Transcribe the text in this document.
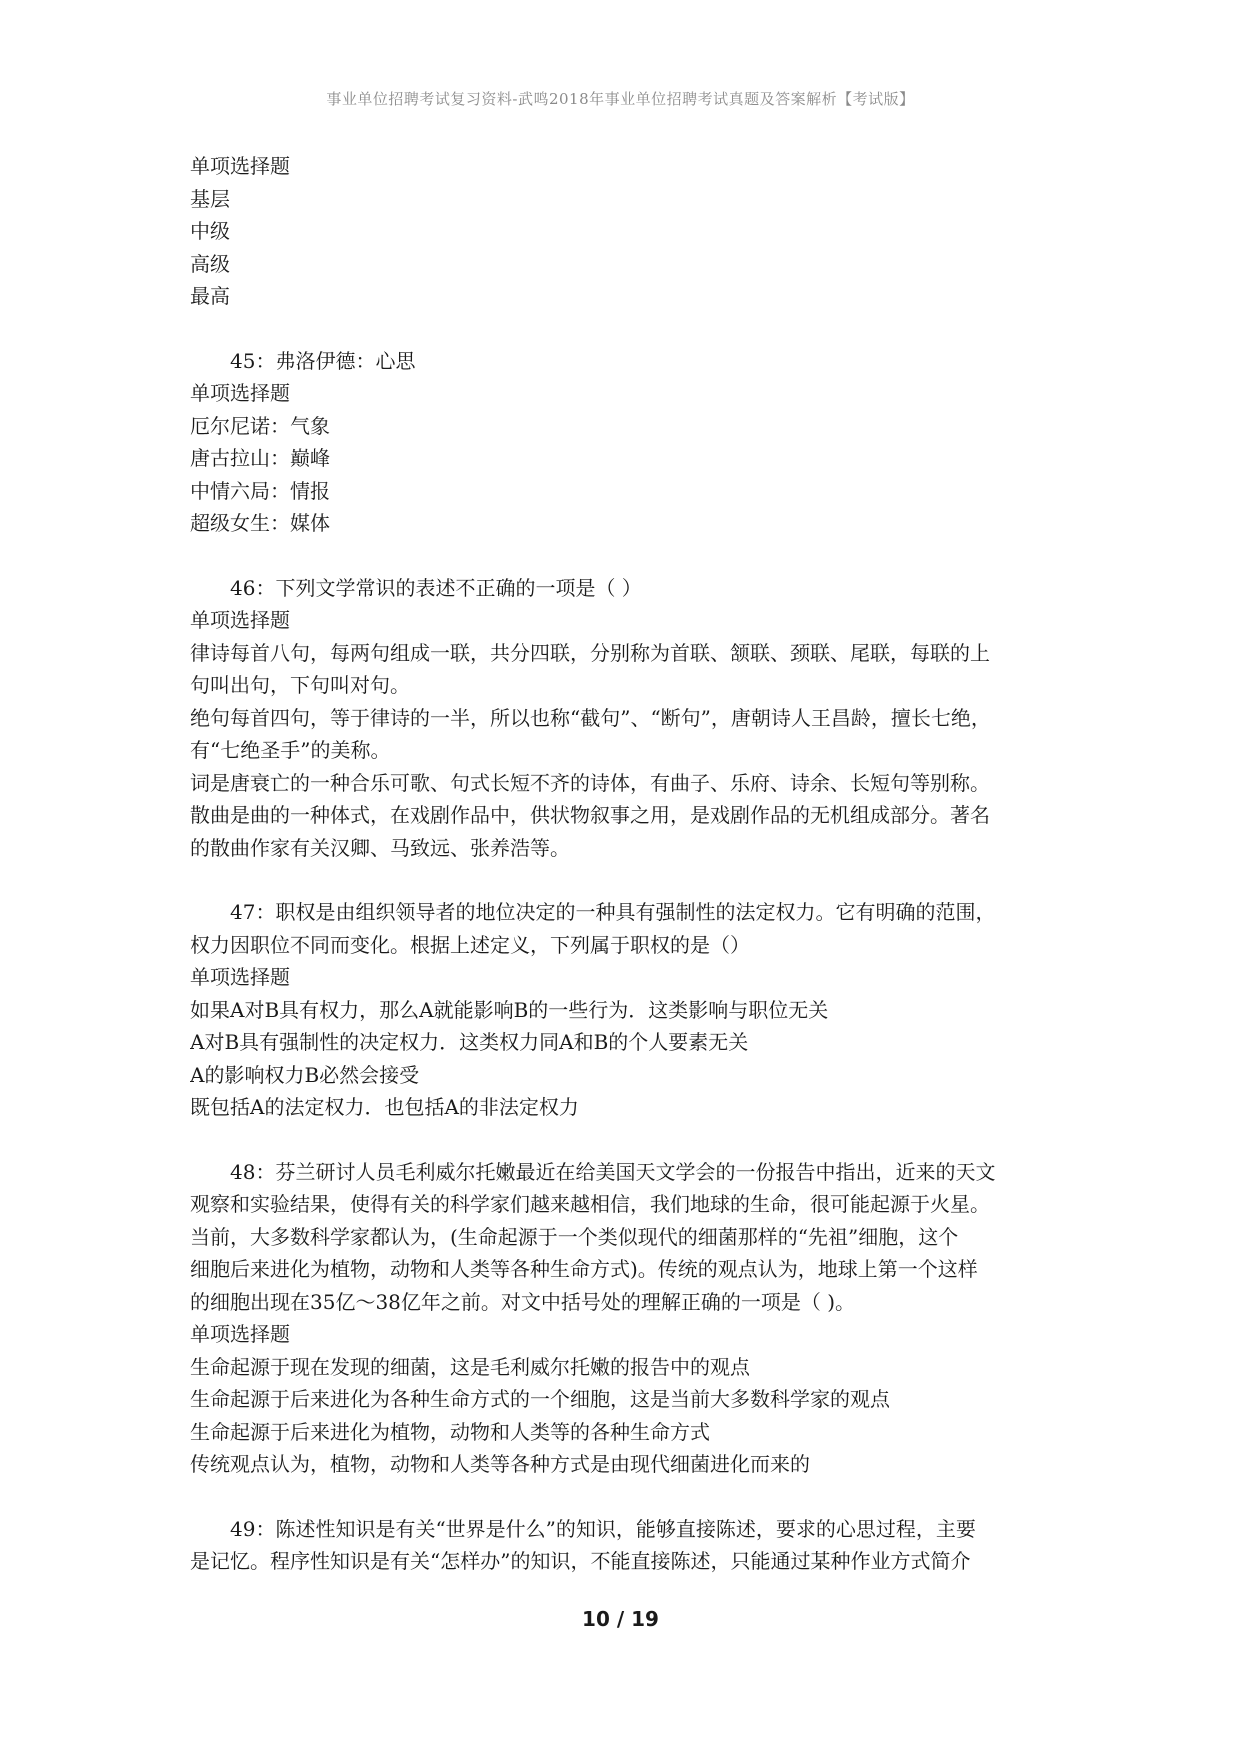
事业单位招聘考试复习资料-武鸣2018年事业单位招聘考试真题及答案解析【考试版】
单项选择题
基层
中级
高级
最高
45：弗洛伊德：心思
单项选择题
厄尔尼诺：气象
唐古拉山：巅峰
中情六局：情报
超级女生：媒体
46：下列文学常识的表述不正确的一项是（ ）
单项选择题
律诗每首八句，每两句组成一联，共分四联，分别称为首联、颔联、颈联、尾联，每联的上
句叫出句，下句叫对句。
绝句每首四句，等于律诗的一半，所以也称“截句”、“断句”，唐朝诗人王昌龄，擅长七绝，
有“七绝圣手”的美称。
词是唐衰亡的一种合乐可歌、句式长短不齐的诗体，有曲子、乐府、诗余、长短句等别称。
散曲是曲的一种体式，在戏剧作品中，供状物叙事之用，是戏剧作品的无机组成部分。著名
的散曲作家有关汉卿、马致远、张养浩等。
47：职权是由组织领导者的地位决定的一种具有强制性的法定权力。它有明确的范围，
权力因职位不同而变化。根据上述定义，下列属于职权的是（）
单项选择题
如果A对B具有权力，那么A就能影响B的一些行为．这类影响与职位无关
A对B具有强制性的决定权力．这类权力同A和B的个人要素无关
A的影响权力B必然会接受
既包括A的法定权力．也包括A的非法定权力
48：芬兰研讨人员毛利威尔托嫩最近在给美国天文学会的一份报告中指出，近来的天文
观察和实验结果，使得有关的科学家们越来越相信，我们地球的生命，很可能起源于火星。
当前，大多数科学家都认为，(生命起源于一个类似现代的细菌那样的“先祖”细胞，这个
细胞后来进化为植物，动物和人类等各种生命方式)。传统的观点认为，地球上第一个这样
的细胞出现在35亿～38亿年之前。对文中括号处的理解正确的一项是（ )。
单项选择题
生命起源于现在发现的细菌，这是毛利威尔托嫩的报告中的观点
生命起源于后来进化为各种生命方式的一个细胞，这是当前大多数科学家的观点
生命起源于后来进化为植物，动物和人类等的各种生命方式
传统观点认为，植物，动物和人类等各种方式是由现代细菌进化而来的
49：陈述性知识是有关“世界是什么”的知识，能够直接陈述，要求的心思过程，主要
是记忆。程序性知识是有关“怎样办”的知识，不能直接陈述，只能通过某种作业方式简介
10 / 19
